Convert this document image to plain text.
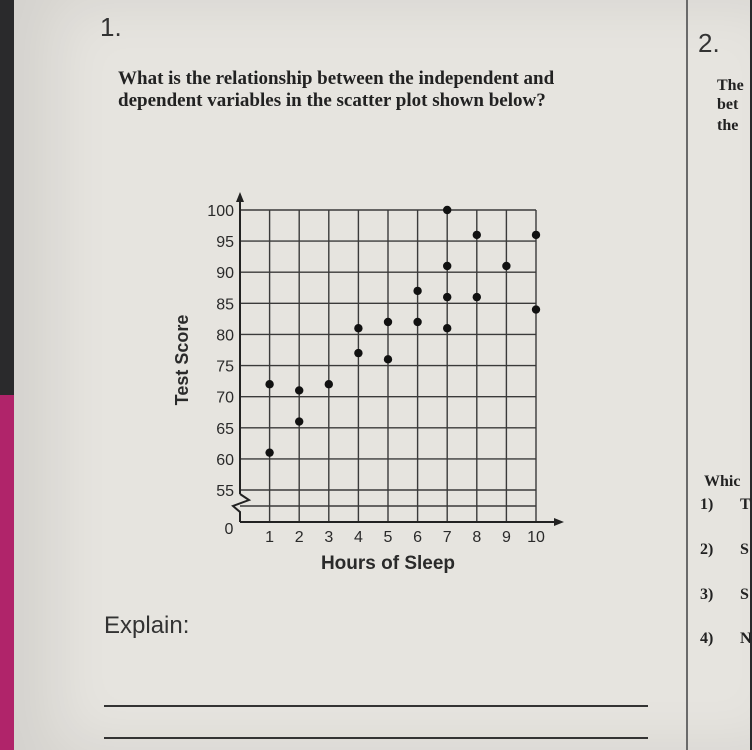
1.
What is the relationship between the independent and dependent variables in the scatter plot shown below?
2.
The
bet
the
Whic
1) T
2) S
3) S
4) N
55
60
65
70
75
80
85
90
95
100
1 2 3 4 5 6 7 8 9 10
Hours of Sleep
Test Score
0
Explain:
